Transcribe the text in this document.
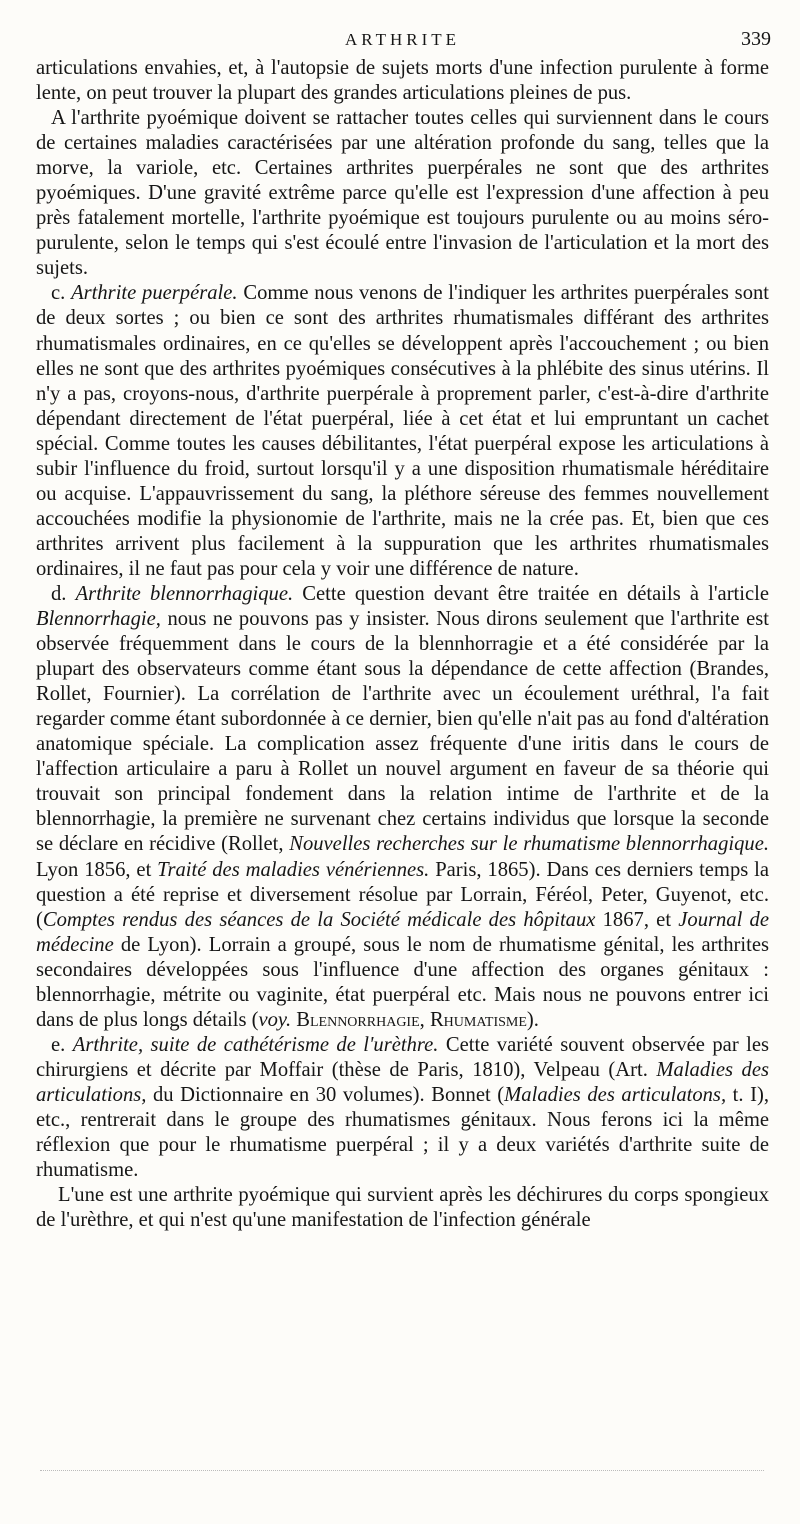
ARTHRITE	339

articulations envahies, et, à l'autopsie de sujets morts d'une infection purulente à forme lente, on peut trouver la plupart des grandes articulations pleines de pus.

A l'arthrite pyoémique doivent se rattacher toutes celles qui surviennent dans le cours de certaines maladies caractérisées par une altération profonde du sang, telles que la morve, la variole, etc. Certaines arthrites puerpérales ne sont que des arthrites pyoémiques. D'une gravité extrême parce qu'elle est l'expression d'une affection à peu près fatalement mortelle, l'arthrite pyoémique est toujours purulente ou au moins séro-purulente, selon le temps qui s'est écoulé entre l'invasion de l'articulation et la mort des sujets.

c. Arthrite puerpérale. Comme nous venons de l'indiquer les arthrites puerpérales sont de deux sortes ; ou bien ce sont des arthrites rhumatismales différant des arthrites rhumatismales ordinaires, en ce qu'elles se développent après l'accouchement ; ou bien elles ne sont que des arthrites pyoémiques consécutives à la phlébite des sinus utérins. Il n'y a pas, croyons-nous, d'arthrite puerpérale à proprement parler, c'est-à-dire d'arthrite dépendant directement de l'état puerpéral, liée à cet état et lui empruntant un cachet spécial. Comme toutes les causes débilitantes, l'état puerpéral expose les articulations à subir l'influence du froid, surtout lorsqu'il y a une disposition rhumatismale héréditaire ou acquise. L'appauvrissement du sang, la pléthore séreuse des femmes nouvellement accouchées modifie la physionomie de l'arthrite, mais ne la crée pas. Et, bien que ces arthrites arrivent plus facilement à la suppuration que les arthrites rhumatismales ordinaires, il ne faut pas pour cela y voir une différence de nature.

d. Arthrite blennorrhagique. Cette question devant être traitée en détails à l'article Blennorrhagie, nous ne pouvons pas y insister. Nous dirons seulement que l'arthrite est observée fréquemment dans le cours de la blennhorragie et a été considérée par la plupart des observateurs comme étant sous la dépendance de cette affection (Brandes, Rollet, Fournier). La corrélation de l'arthrite avec un écoulement uréthral, l'a fait regarder comme étant subordonnée à ce dernier, bien qu'elle n'ait pas au fond d'altération anatomique spéciale. La complication assez fréquente d'une iritis dans le cours de l'affection articulaire a paru à Rollet un nouvel argument en faveur de sa théorie qui trouvait son principal fondement dans la relation intime de l'arthrite et de la blennorrhagie, la première ne survenant chez certains individus que lorsque la seconde se déclare en récidive (Rollet, Nouvelles recherches sur le rhumatisme blennorrhagique. Lyon 1856, et Traité des maladies vénériennes. Paris, 1865). Dans ces derniers temps la question a été reprise et diversement résolue par Lorrain, Féréol, Peter, Guyenot, etc. (Comptes rendus des séances de la Société médicale des hôpitaux 1867, et Journal de médecine de Lyon). Lorrain a groupé, sous le nom de rhumatisme génital, les arthrites secondaires développées sous l'influence d'une affection des organes génitaux : blennorrhagie, métrite ou vaginite, état puerpéral etc. Mais nous ne pouvons entrer ici dans de plus longs détails (voy. Blennorrhagie, Rhumatisme).

e. Arthrite, suite de cathétérisme de l'urèthre. Cette variété souvent observée par les chirurgiens et décrite par Moffair (thèse de Paris, 1810), Velpeau (Art. Maladies des articulations, du Dictionnaire en 30 volumes). Bonnet (Maladies des articulatons, t. I), etc., rentrerait dans le groupe des rhumatismes génitaux. Nous ferons ici la même réflexion que pour le rhumatisme puerpéral ; il y a deux variétés d'arthrite suite de rhumatisme.

L'une est une arthrite pyoémique qui survient après les déchirures du corps spongieux de l'urèthre, et qui n'est qu'une manifestation de l'infection générale
